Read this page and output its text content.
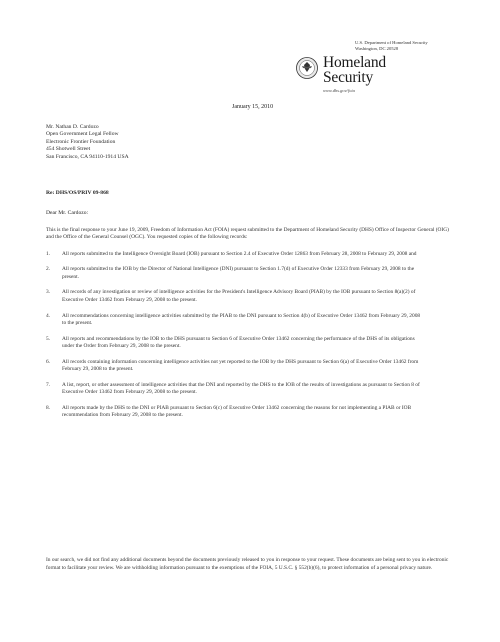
U.S. Department of Homeland Security
Washington, DC 20528
Homeland
Security
www.dhs.gov/foia
January 15, 2010
Mr. Nathan D. Cardozo
Open Government Legal Fellow
Electronic Frontier Foundation
454 Shotwell Street
San Francisco, CA 94110-1914 USA
Re: DHS/OS/PRIV 09-868
Dear Mr. Cardozo:

This is the final response to your June 19, 2009, Freedom of Information Act (FOIA) request submitted to the Department of Homeland Security (DHS) Office of Inspector General (OIG) and the Office of the General Counsel (OGC). You requested copies of the following records:

1. All reports submitted to the Intelligence Oversight Board (IOB) pursuant to Section 2.4 of Executive Order 12863 from February 28, 2008 to February 29, 2008 and
2. All reports submitted to the IOB by the Director of National Intelligence (DNI) pursuant to Section 1.7(d) of Executive Order 12333 from February 29, 2008 to the present.
3. All records of any investigation or review of intelligence activities for the President's Intelligence Advisory Board (PIAB) by the IOB pursuant to Section 8(a)(2) of Executive Order 13462 from February 29, 2008 to the present.
4. All recommendations concerning intelligence activities submitted by the PIAB to the DNI pursuant to Section 4(b) of Executive Order 13462 from February 29, 2008 to the present.
5. All reports and recommendations by the IOB to the DHS pursuant to Section 6 of Executive Order 13462 concerning the performance of the DHS of its obligations under the Order from February 29, 2008 to the present.
6. All records containing information concerning intelligence activities not yet reported to the IOB by the DHS pursuant to Section 6(a) of Executive Order 13462 from February 29, 2008 to the present.
7. A list, report, or other assessment of intelligence activities that the DNI and reported by the DHS to the IOB of the results of investigations as pursuant to Section 8 of Executive Order 13462 from February 29, 2008 to the present.
8. All reports made by the DHS to the DNI or PIAB pursuant to Section 6(c) of Executive Order 13462 concerning the reasons for not implementing a PIAB or IOB recommendation from February 29, 2008 to the present.

In our search, we did not find any additional documents beyond the documents previously released to you in response to your request. These documents are being sent to you in electronic format to facilitate your review. We are withholding information pursuant to the exemptions of the FOIA, 5 U.S.C. § 552(b)(6), to protect information of a personal privacy nature.
